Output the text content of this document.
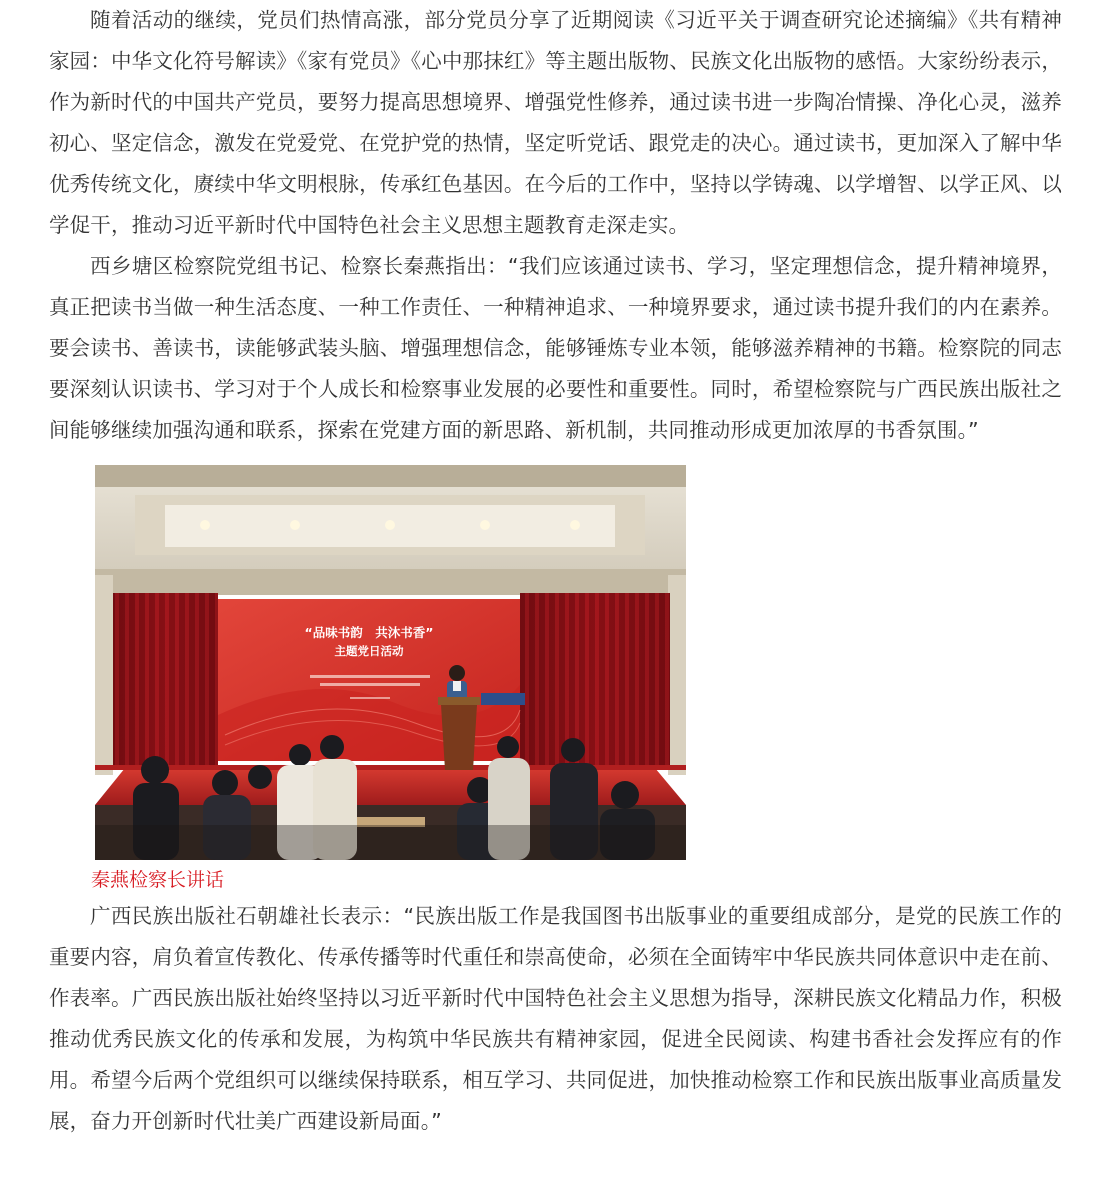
随着活动的继续，党员们热情高涨，部分党员分享了近期阅读《习近平关于调查研究论述摘编》《共有精神家园：中华文化符号解读》《家有党员》《心中那抹红》等主题出版物、民族文化出版物的感悟。大家纷纷表示，作为新时代的中国共产党员，要努力提高思想境界、增强党性修养，通过读书进一步陶冶情操、净化心灵，滋养初心、坚定信念，激发在党爱党、在党护党的热情，坚定听党话、跟党走的决心。通过读书，更加深入了解中华优秀传统文化，赓续中华文明根脉，传承红色基因。在今后的工作中，坚持以学铸魂、以学增智、以学正风、以学促干，推动习近平新时代中国特色社会主义思想主题教育走深走实。

西乡塘区检察院党组书记、检察长秦燕指出：“我们应该通过读书、学习，坚定理想信念，提升精神境界，真正把读书当做一种生活态度、一种工作责任、一种精神追求、一种境界要求，通过读书提升我们的内在素养。要会读书、善读书，读能够武装头脑、增强理想信念，能够锤炼专业本领，能够滋养精神的书籍。检察院的同志要深刻认识读书、学习对于个人成长和检察事业发展的必要性和重要性。同时，希望检察院与广西民族出版社之间能够继续加强沟通和联系，探索在党建方面的新思路、新机制，共同推动形成更加浓厚的书香氛围。”

“品味书韵　共沐书香”
主题党日活动
秦燕检察长讲话

广西民族出版社石朝雄社长表示：“民族出版工作是我国图书出版事业的重要组成部分，是党的民族工作的重要内容，肩负着宣传教化、传承传播等时代重任和崇高使命，必须在全面铸牢中华民族共同体意识中走在前、作表率。广西民族出版社始终坚持以习近平新时代中国特色社会主义思想为指导，深耕民族文化精品力作，积极推动优秀民族文化的传承和发展，为构筑中华民族共有精神家园，促进全民阅读、构建书香社会发挥应有的作用。希望今后两个党组织可以继续保持联系，相互学习、共同促进，加快推动检察工作和民族出版事业高质量发展，奋力开创新时代壮美广西建设新局面。”
